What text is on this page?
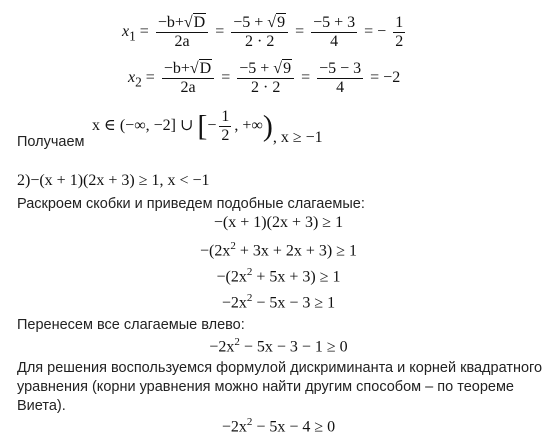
$x_1 = \frac{-b+√D}{2a} = \frac{-5 + √9}{2 \cdot 2} = \frac{-5 + 3}{4}$ = − $\frac{1}{2}$
$x_2 = \frac{-b+√D}{2a} = \frac{-5 + √9}{2 \cdot 2} = \frac{-5 - 3}{4} = -2$
Получаем
x ∈ (−∞, −2] ∪ [− $\frac{1}{2}$ , +∞), x ≥ −1
2)−(x + 1)(2x + 3) ≥ 1, x < −1
Раскроем скобки и приведем подобные слагаемые:
−(x + 1)(2x + 3) ≥ 1
$-(2x^2 + 3x + 2x + 3) \ge 1$
$-(2x^2 + 5x + 3) \ge 1$
$-2x^2 - 5x - 3 \ge 1$
Перенесем все слагаемые влево:
$-2x^2 - 5x - 3 - 1 \ge 0$
Для решения воспользуемся формулой дискриминанта и корней квадратного уравнения (корни уравнения можно найти другим способом – по теореме Виета).
$-2x^2 - 5x - 4 \ge 0$
